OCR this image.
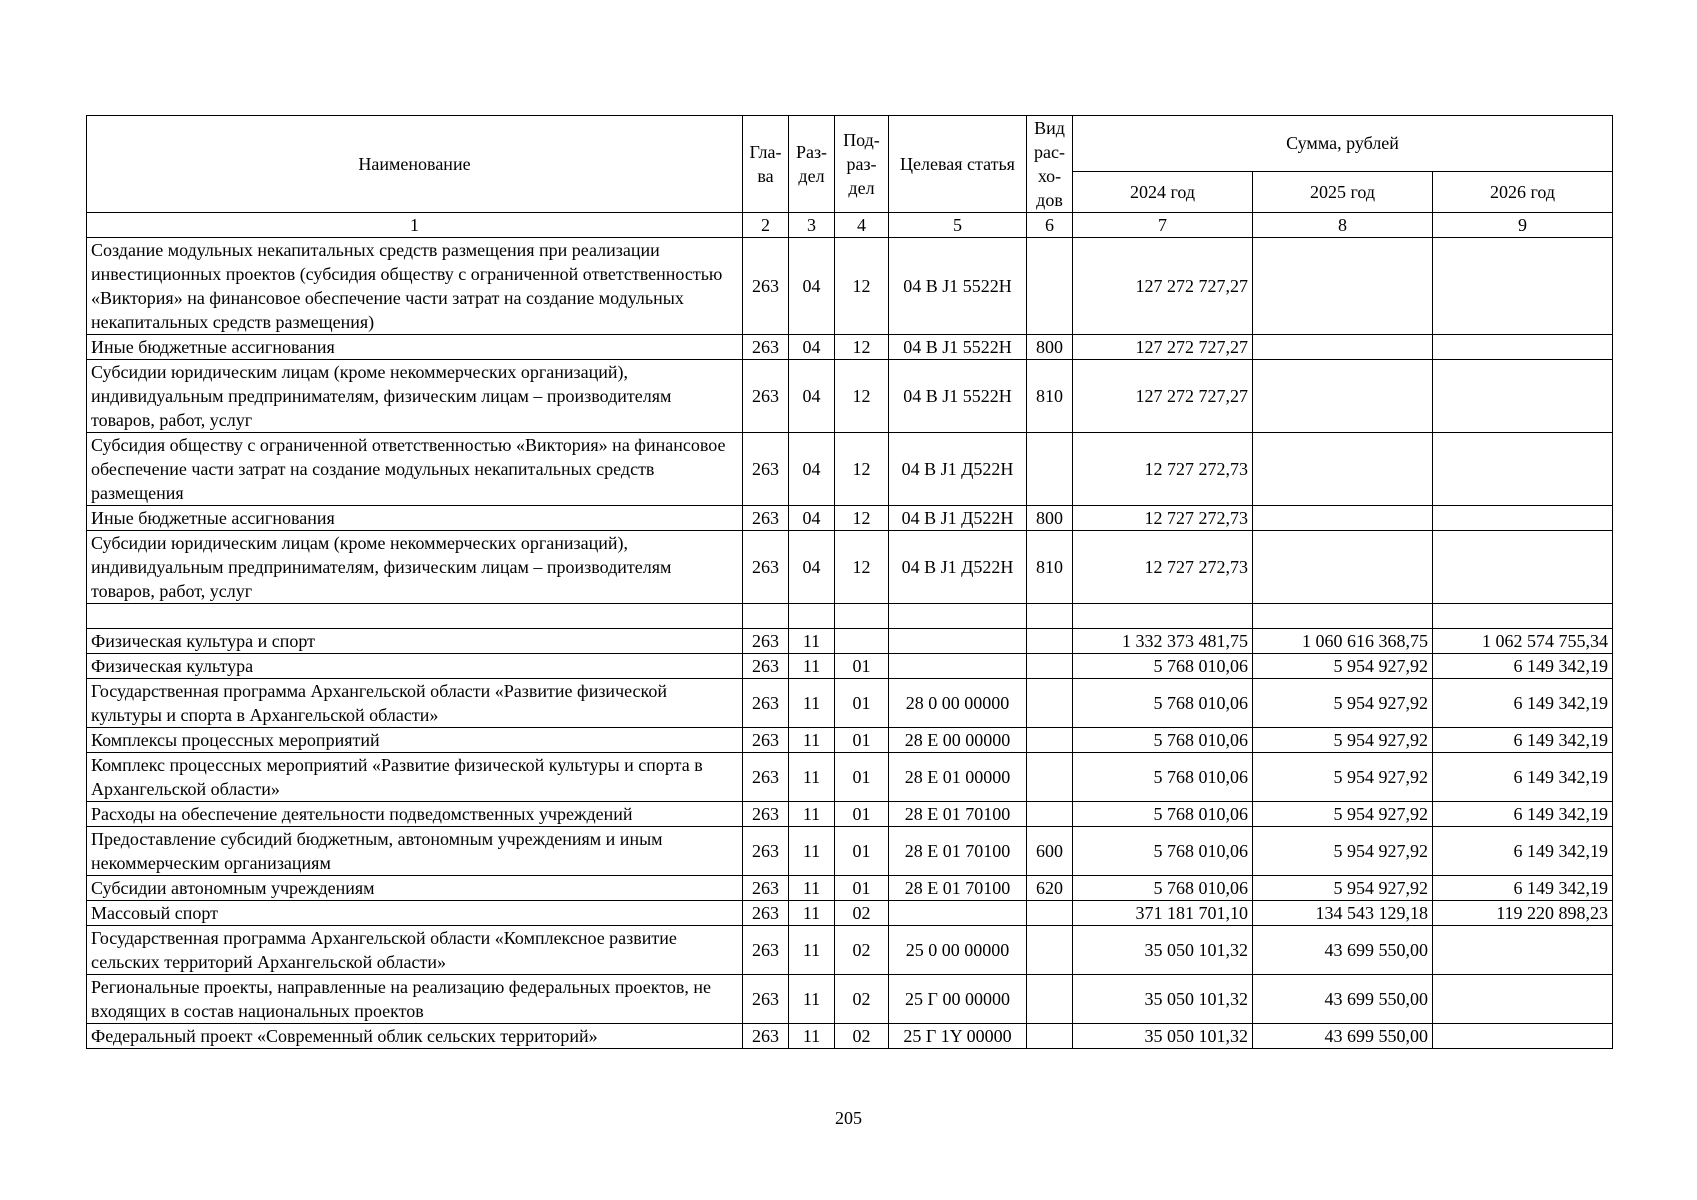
Наименование	Гла-ва	Раз-дел	Под-раз-дел	Целевая статья	Вид рас-хо-дов	Сумма, рублей		
						2024 год	2025 год	2026 год
1	2	3	4	5	6	7	8	9
Создание модульных некапитальных средств размещения при реализации инвестиционных проектов (субсидия обществу с ограниченной ответственностью «Виктория» на финансовое обеспечение части затрат на создание модульных некапитальных средств размещения)	263	04	12	04 В J1 5522Н		127 272 727,27		
Иные бюджетные ассигнования	263	04	12	04 В J1 5522Н	800	127 272 727,27		
Субсидии юридическим лицам (кроме некоммерческих организаций), индивидуальным предпринимателям, физическим лицам – производителям товаров, работ, услуг	263	04	12	04 В J1 5522Н	810	127 272 727,27		
Субсидия обществу с ограниченной ответственностью «Виктория» на финансовое обеспечение части затрат на создание модульных некапитальных средств размещения	263	04	12	04 В J1 Д522Н		12 727 272,73		
Иные бюджетные ассигнования	263	04	12	04 В J1 Д522Н	800	12 727 272,73		
Субсидии юридическим лицам (кроме некоммерческих организаций), индивидуальным предпринимателям, физическим лицам – производителям товаров, работ, услуг	263	04	12	04 В J1 Д522Н	810	12 727 272,73		

Физическая культура и спорт	263	11				1 332 373 481,75	1 060 616 368,75	1 062 574 755,34
Физическая культура	263	11	01			5 768 010,06	5 954 927,92	6 149 342,19
Государственная программа Архангельской области «Развитие физической культуры и спорта в Архангельской области»	263	11	01	28 0 00 00000		5 768 010,06	5 954 927,92	6 149 342,19
Комплексы процессных мероприятий	263	11	01	28 Е 00 00000		5 768 010,06	5 954 927,92	6 149 342,19
Комплекс процессных мероприятий «Развитие физической культуры и спорта в Архангельской области»	263	11	01	28 Е 01 00000		5 768 010,06	5 954 927,92	6 149 342,19
Расходы на обеспечение деятельности подведомственных учреждений	263	11	01	28 Е 01 70100		5 768 010,06	5 954 927,92	6 149 342,19
Предоставление субсидий бюджетным, автономным учреждениям и иным некоммерческим организациям	263	11	01	28 Е 01 70100	600	5 768 010,06	5 954 927,92	6 149 342,19
Субсидии автономным учреждениям	263	11	01	28 Е 01 70100	620	5 768 010,06	5 954 927,92	6 149 342,19
Массовый спорт	263	11	02			371 181 701,10	134 543 129,18	119 220 898,23
Государственная программа Архангельской области «Комплексное развитие сельских территорий Архангельской области»	263	11	02	25 0 00 00000		35 050 101,32	43 699 550,00	
Региональные проекты, направленные на реализацию федеральных проектов, не входящих в состав национальных проектов	263	11	02	25 Г 00 00000		35 050 101,32	43 699 550,00	
Федеральный проект «Современный облик сельских территорий»	263	11	02	25 Г 1Y 00000		35 050 101,32	43 699 550,00	
205
